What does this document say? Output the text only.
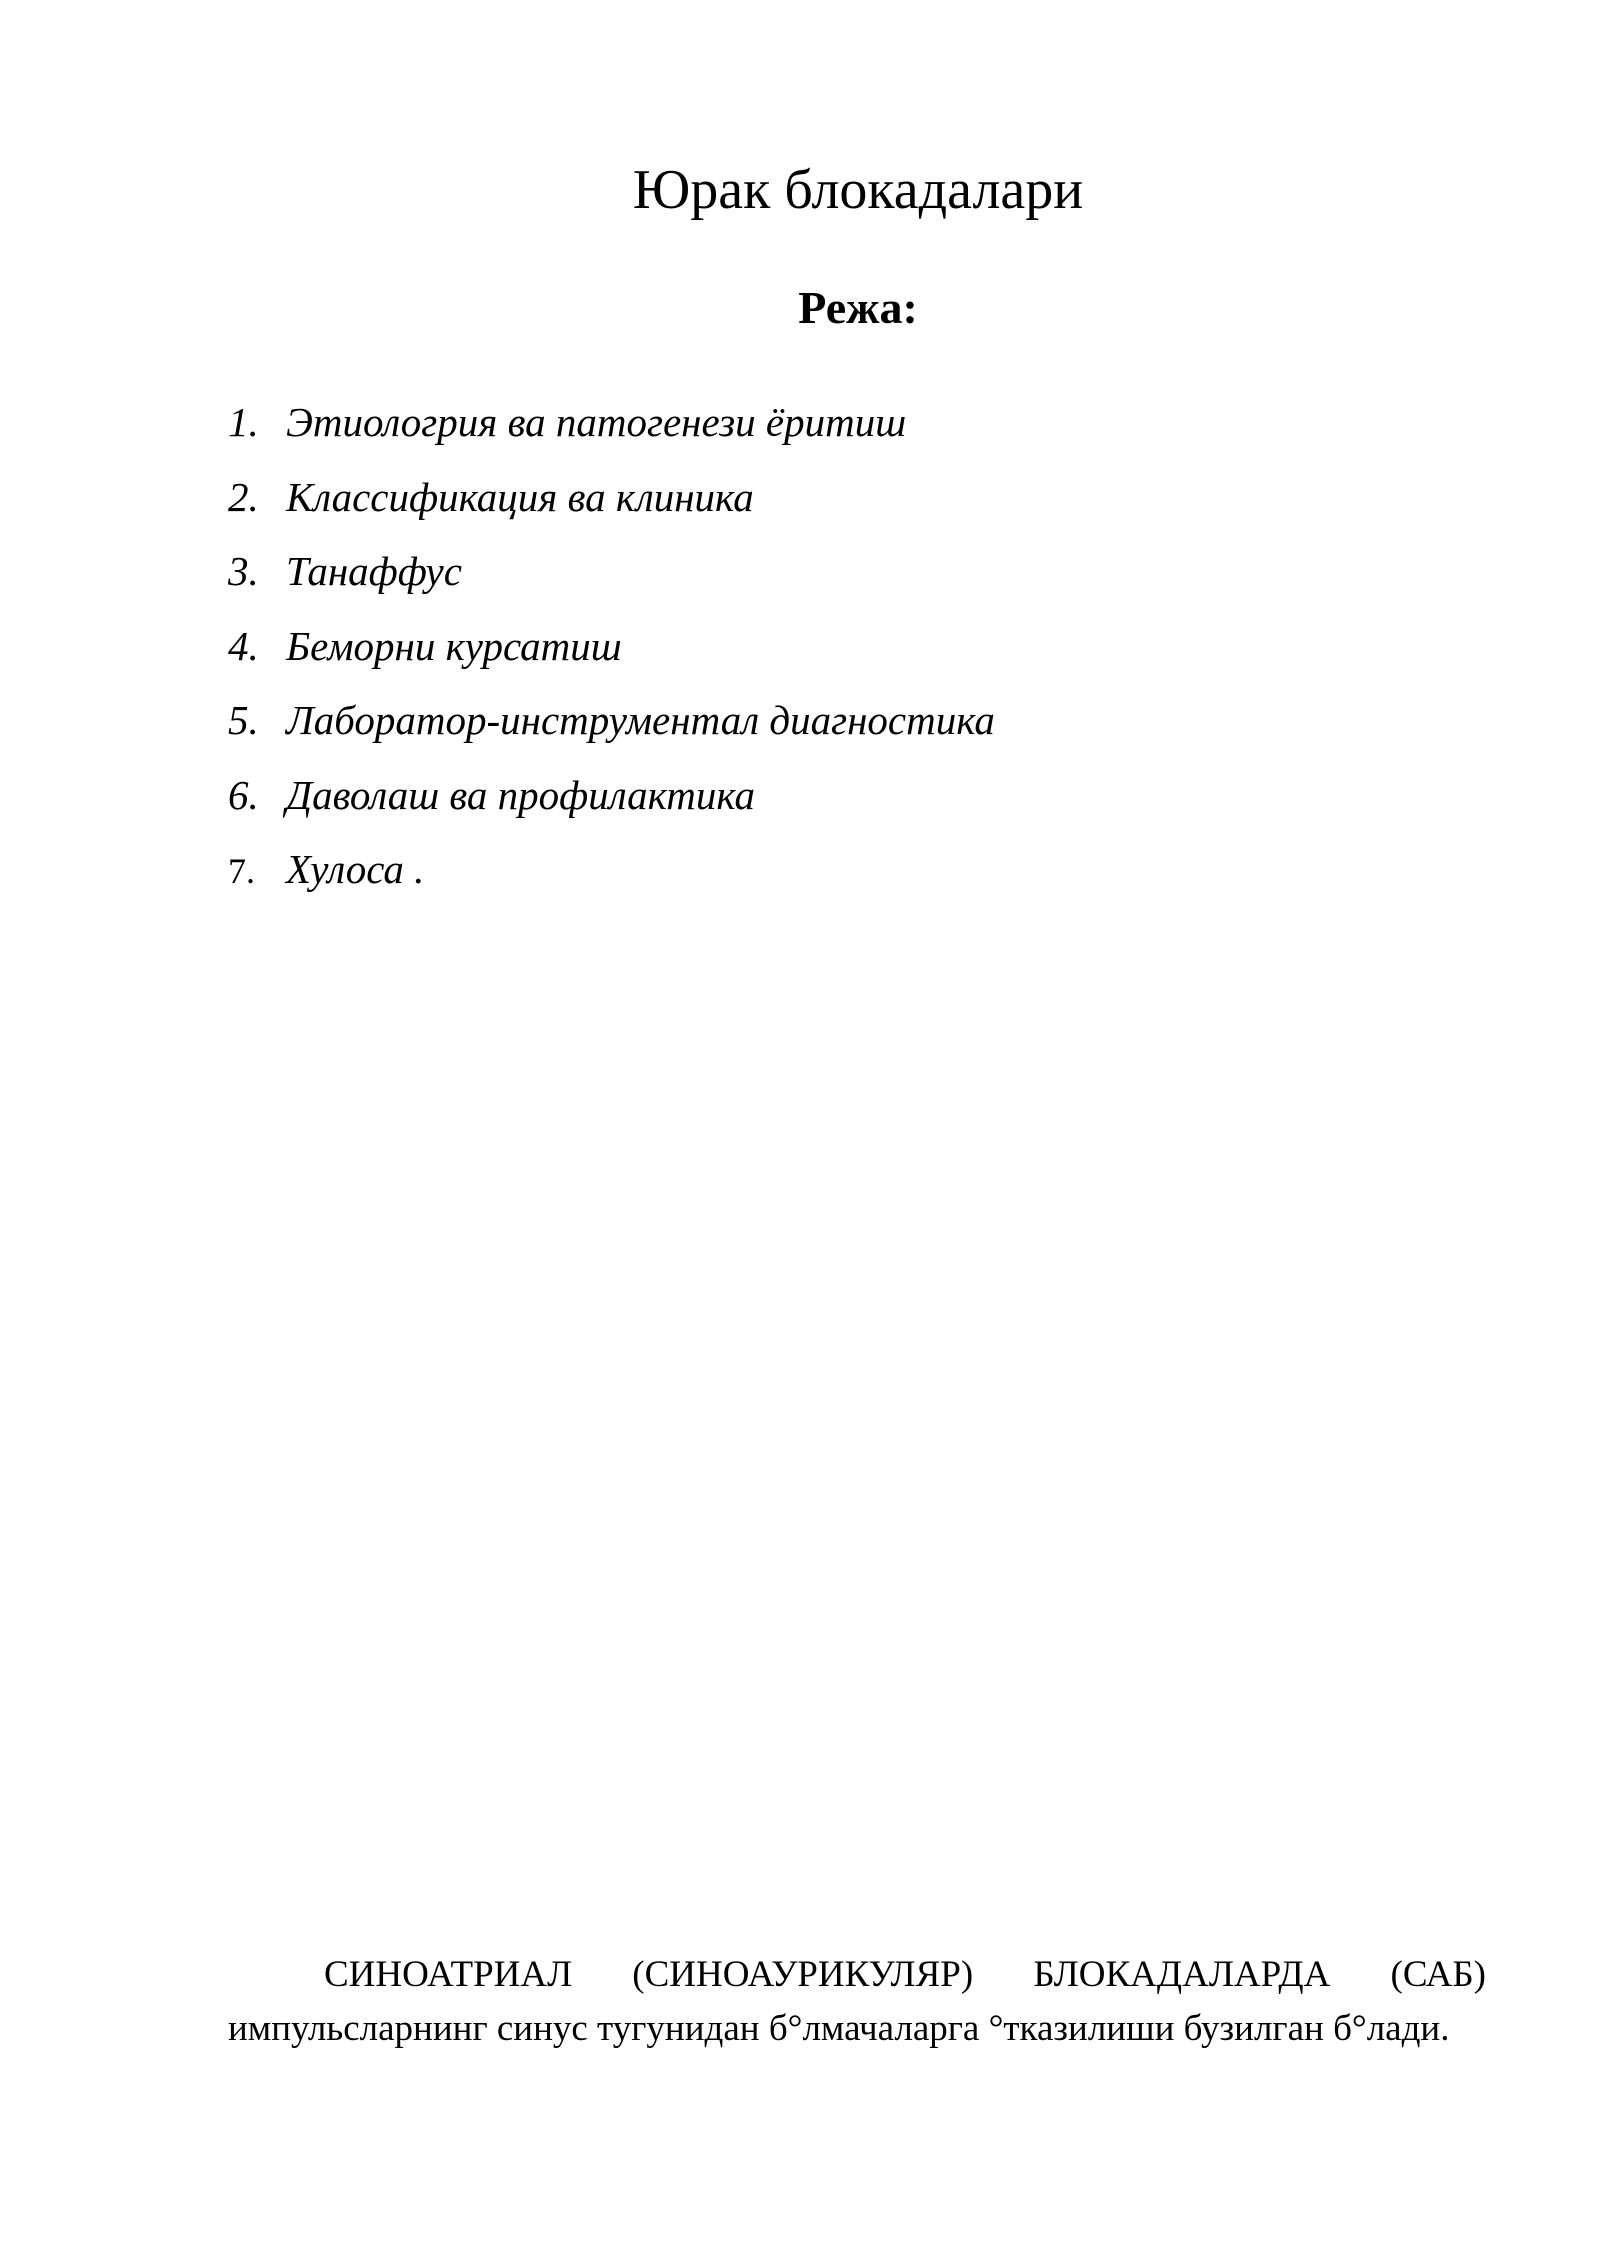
Юрак блокадалари
Режа:
1. Этиологрия ва патогенези ёритиш
2. Классификация ва клиника
3. Танаффус
4. Беморни курсатиш
5. Лаборатор-инструментал диагностика
6. Даволаш ва профилактика
7. Хулоса .
СИНОАТРИАЛ (СИНОАУРИКУЛЯР) БЛОКАДАЛАРДА (САБ)
импульсларнинг синус тугунидан б°лмачаларга °тказилиши бузилган б°лади.
